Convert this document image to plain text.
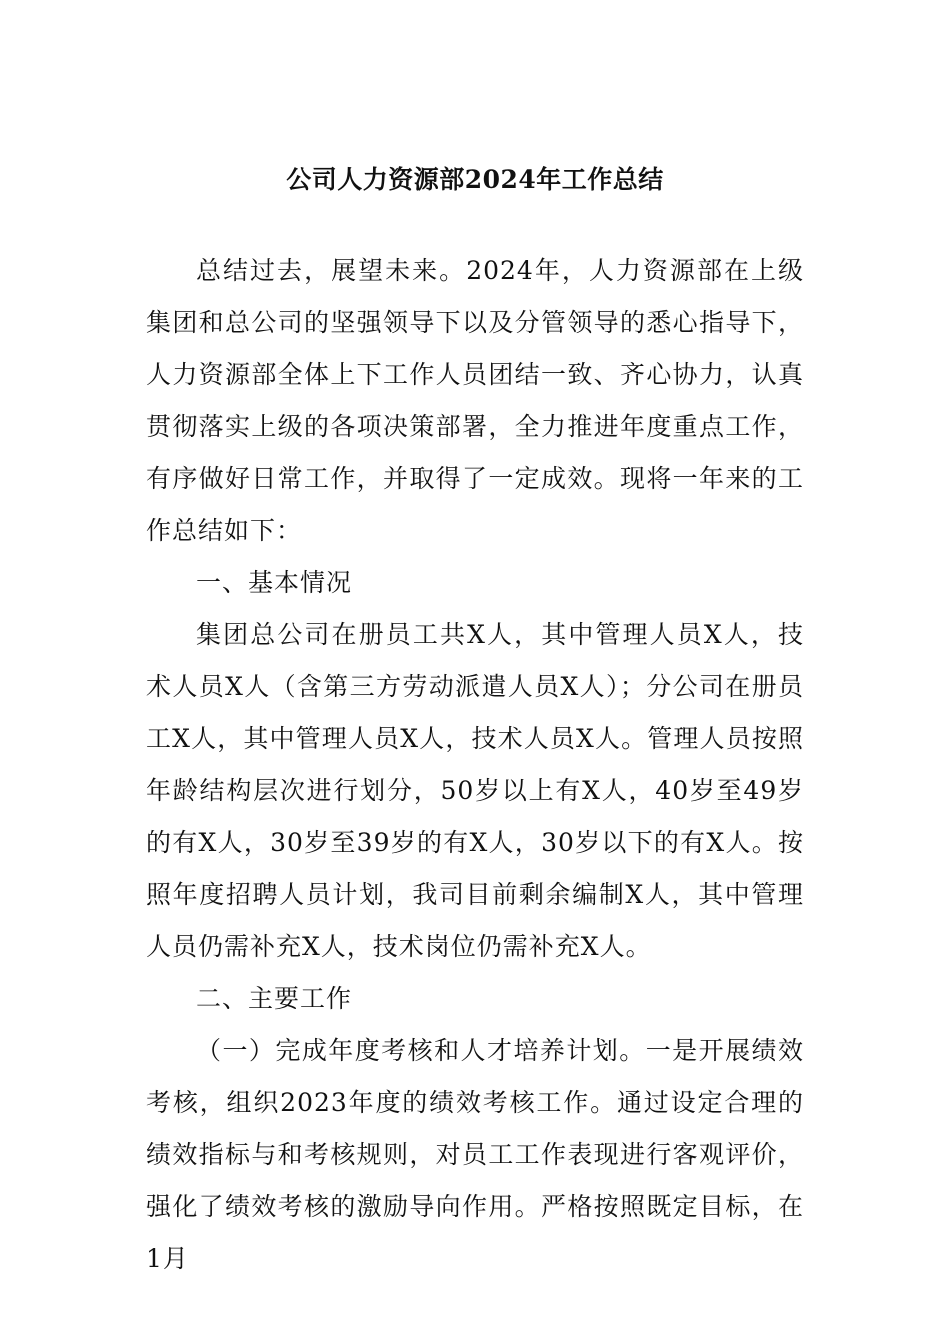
公司人力资源部2024年工作总结

总结过去，展望未来。2024年，人力资源部在上级集团和总公司的坚强领导下以及分管领导的悉心指导下，人力资源部全体上下工作人员团结一致、齐心协力，认真贯彻落实上级的各项决策部署，全力推进年度重点工作，有序做好日常工作，并取得了一定成效。现将一年来的工作总结如下：

一、基本情况

集团总公司在册员工共X人，其中管理人员X人，技术人员X人（含第三方劳动派遣人员X人）；分公司在册员工X人，其中管理人员X人，技术人员X人。管理人员按照年龄结构层次进行划分，50岁以上有X人，40岁至49岁的有X人，30岁至39岁的有X人，30岁以下的有X人。按照年度招聘人员计划，我司目前剩余编制X人，其中管理人员仍需补充X人，技术岗位仍需补充X人。

二、主要工作

（一）完成年度考核和人才培养计划。一是开展绩效考核，组织2023年度的绩效考核工作。通过设定合理的绩效指标与和考核规则，对员工工作表现进行客观评价，强化了绩效考核的激励导向作用。严格按照既定目标，在1月
